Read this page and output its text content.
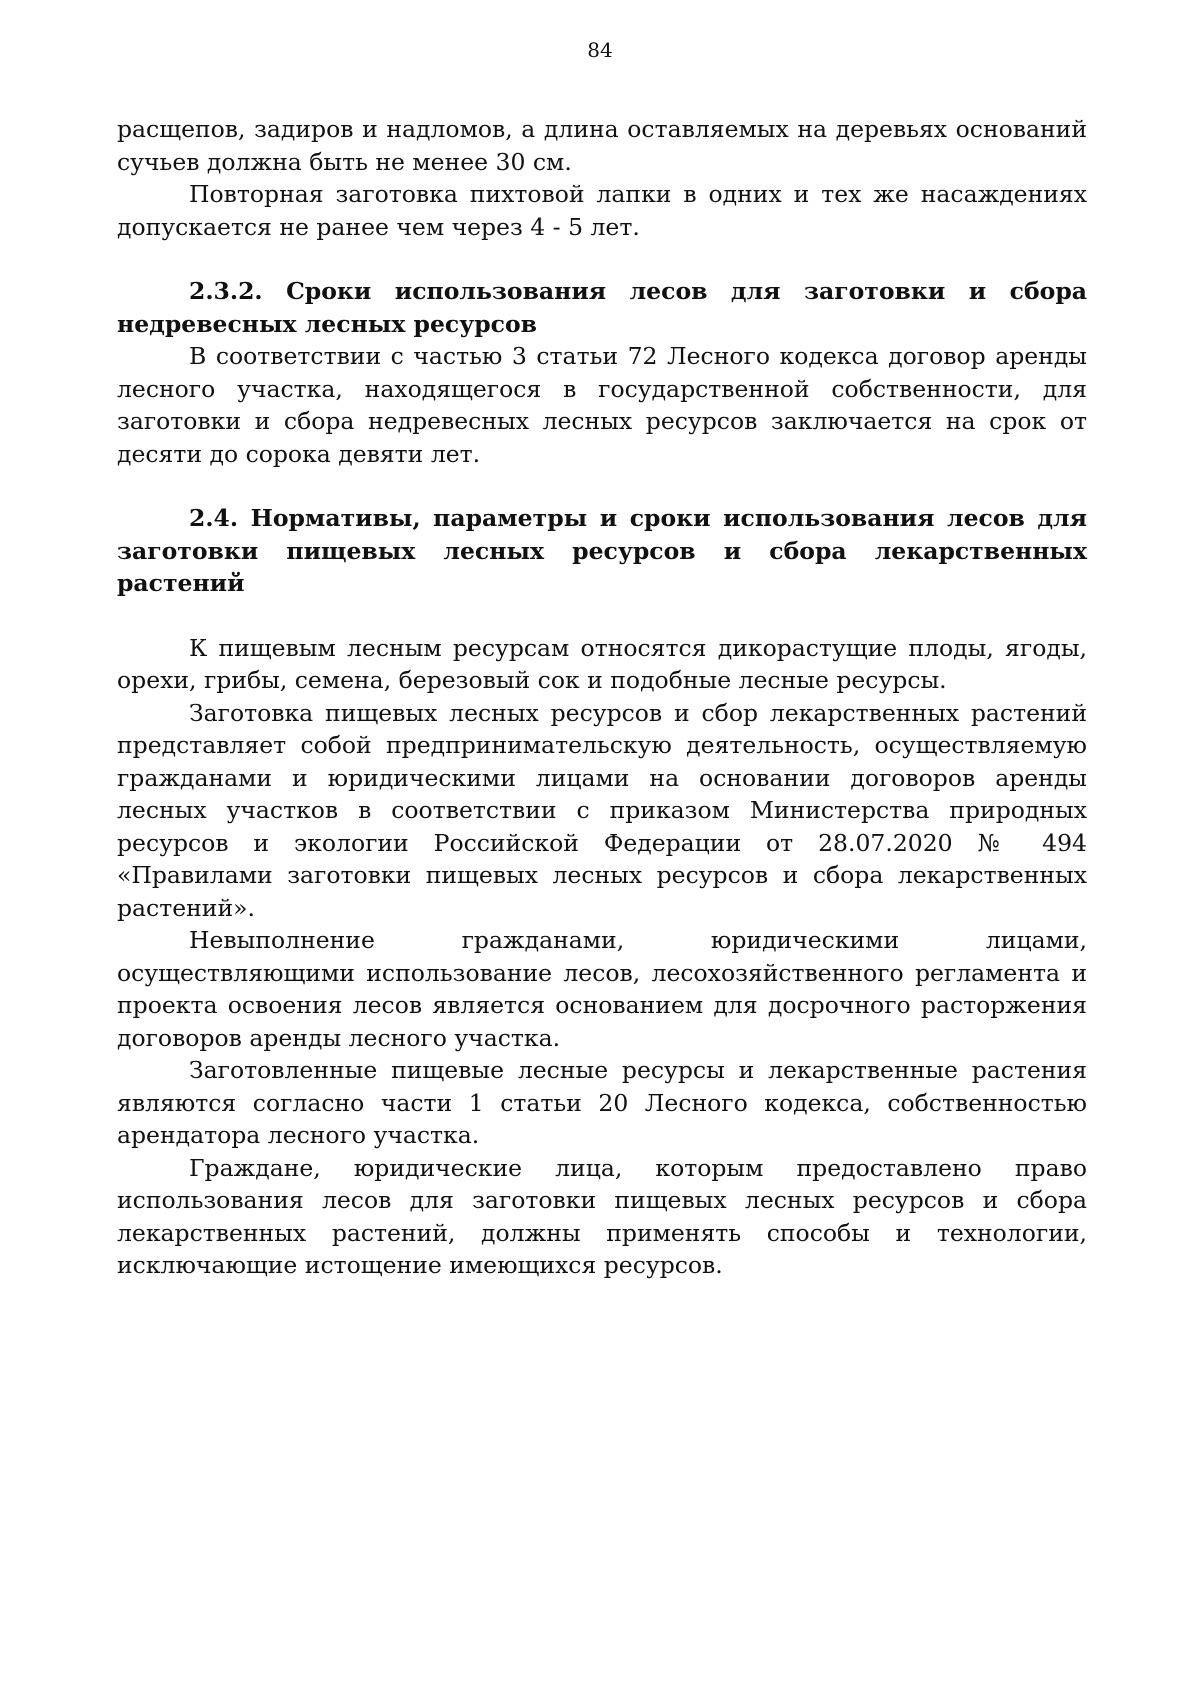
84

расщепов, задиров и надломов, а длина оставляемых на деревьях оснований сучьев должна быть не менее 30 см.

Повторная заготовка пихтовой лапки в одних и тех же насаждениях допускается не ранее чем через 4 - 5 лет.

2.3.2. Сроки использования лесов для заготовки и сбора недревесных лесных ресурсов

В соответствии с частью 3 статьи 72 Лесного кодекса договор аренды лесного участка, находящегося в государственной собственности, для заготовки и сбора недревесных лесных ресурсов заключается на срок от десяти до сорока девяти лет.

2.4. Нормативы, параметры и сроки использования лесов для заготовки пищевых лесных ресурсов и сбора лекарственных растений

К пищевым лесным ресурсам относятся дикорастущие плоды, ягоды, орехи, грибы, семена, березовый сок и подобные лесные ресурсы.

Заготовка пищевых лесных ресурсов и сбор лекарственных растений представляет собой предпринимательскую деятельность, осуществляемую гражданами и юридическими лицами на основании договоров аренды лесных участков в соответствии с приказом Министерства природных ресурсов и экологии Российской Федерации от 28.07.2020 № 494 «Правилами заготовки пищевых лесных ресурсов и сбора лекарственных растений».

Невыполнение гражданами, юридическими лицами, осуществляющими использование лесов, лесохозяйственного регламента и проекта освоения лесов является основанием для досрочного расторжения договоров аренды лесного участка.

Заготовленные пищевые лесные ресурсы и лекарственные растения являются согласно части 1 статьи 20 Лесного кодекса, собственностью арендатора лесного участка.

Граждане, юридические лица, которым предоставлено право использования лесов для заготовки пищевых лесных ресурсов и сбора лекарственных растений, должны применять способы и технологии, исключающие истощение имеющихся ресурсов.
